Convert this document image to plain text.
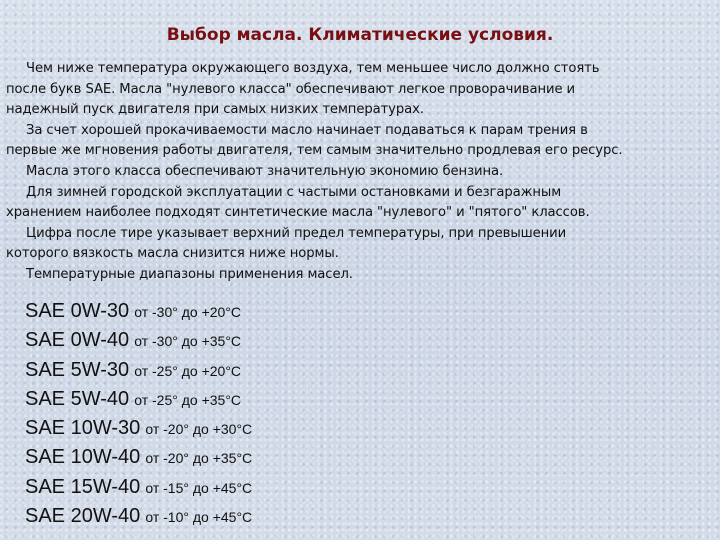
Выбор масла. Климатические условия.
Чем ниже температура окружающего воздуха, тем меньшее число должно стоять
после букв SAE. Масла "нулевого класса" обеспечивают легкое проворачивание и
надежный пуск двигателя при самых низких температурах.
За счет хорошей прокачиваемости масло начинает подаваться к парам трения в
первые же мгновения работы двигателя, тем самым значительно продлевая его ресурс.
Масла этого класса обеспечивают значительную экономию бензина.
Для зимней городской эксплуатации с частыми остановками и безгаражным
хранением наиболее подходят синтетические масла "нулевого" и "пятого" классов.
Цифра после тире указывает верхний предел температуры, при превышении
которого вязкость масла снизится ниже нормы.
Температурные диапазоны применения масел.
SAE 0W-30 от -30° до +20°С
SAE 0W-40 от -30° до +35°С
SAE 5W-30 от -25° до +20°С
SAE 5W-40 от -25° до +35°С
SAE 10W-30 от -20° до +30°С
SAE 10W-40 от -20° до +35°С
SAE 15W-40 от -15° до +45°С
SAE 20W-40 от -10° до +45°С
